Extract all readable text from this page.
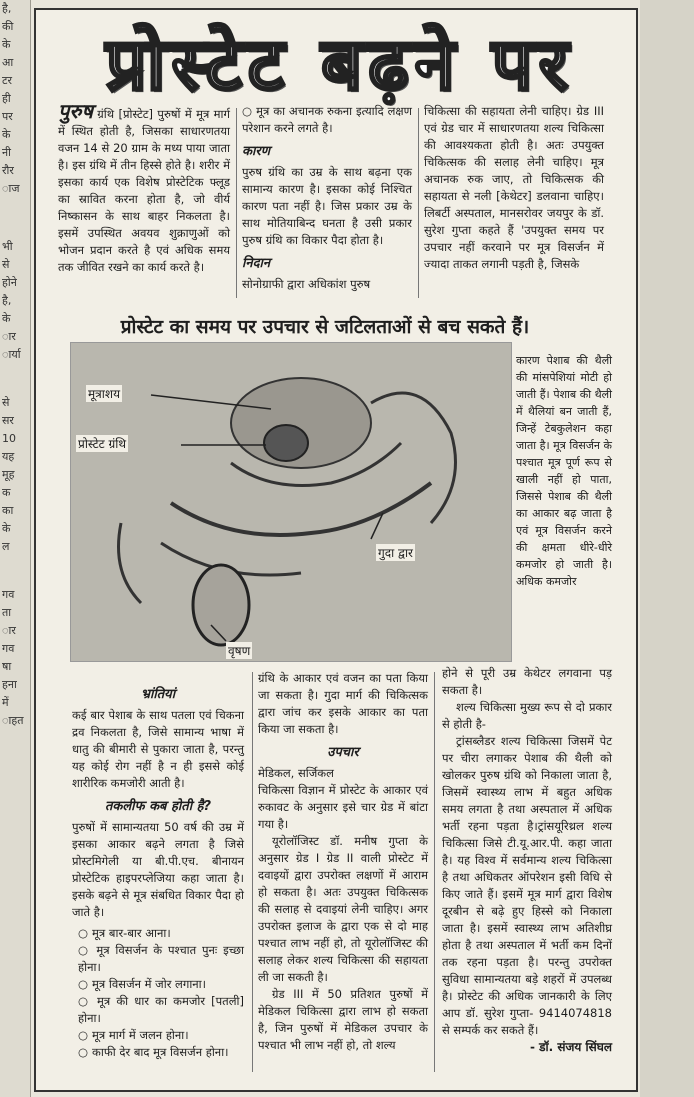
है,
की
के
आ
टर
ही
पर
के
नी
रौर
ाज
भी
से
होने
है,
के
ार
ार्या
से
सर
10
यह
मूह
क
का
के
ल
गव
ता
ार
गव
षा
हना
में
ाहत
प्रोस्टेट बढ़ने पर

पुरुष ग्रंथि [प्रोस्टेट] पुरुषों में मूत्र मार्ग में स्थित होती है, जिसका साधारणतया वजन 14 से 20 ग्राम के मध्य पाया जाता है। इस ग्रंथि में तीन हिस्से होते है। शरीर में इसका कार्य एक विशेष प्रोस्टेटिक फ्लूड का स्रावित करना होता है, जो वीर्य निष्कासन के साथ बाहर निकलता है। इसमें उपस्थित अवयव शुक्राणुओं को भोजन प्रदान करते है एवं अधिक समय तक जीवित रखने का कार्य करते है।

○ मूत्र का अचानक रुकना इत्यादि लक्षण परेशान करने लगते है।

कारण

पुरुष ग्रंथि का उम्र के साथ बढ़ना एक सामान्य कारण है। इसका कोई निश्चित कारण पता नहीं है। जिस प्रकार उम्र के साथ मोतियाबिन्द घनता है उसी प्रकार पुरुष ग्रंथि का विकार पैदा होता है।

निदान

सोनोग्राफी द्वारा अधिकांश पुरुष

चिकित्सा की सहायता लेनी चाहिए। ग्रेड III एवं ग्रेड चार में साधारणतया शल्य चिकित्सा की आवश्यकता होती है। अतः उपयुक्त चिकित्सक की सलाह लेनी चाहिए। मूत्र अचानक रुक जाए, तो चिकित्सक की सहायता से नली [केथेटर] डलवाना चाहिए। लिबर्टी अस्पताल, मानसरोवर जयपुर के डॉ. सुरेश गुप्ता कहते हैं 'उपयुक्त समय पर उपचार नहीं करवाने पर मूत्र विसर्जन में ज्यादा ताकत लगानी पड़ती है, जिसके

प्रोस्टेट का समय पर उपचार से जटिलताओं से बच सकते हैं।
मूत्राशय
प्रोस्टेट ग्रंथि
गुदा द्वार
वृषण

कारण पेशाब की थैली की मांसपेशियां मोटी हो जाती हैं। पेशाब की थैली में थैलियां बन जाती हैं, जिन्हें टेबकुलेशन कहा जाता है। मूत्र विसर्जन के पश्चात मूत्र पूर्ण रूप से खाली नहीं हो पाता, जिससे पेशाब की थैली का आकार बढ़ जाता है एवं मूत्र विसर्जन करने की क्षमता धीरे-धीरे कमजोर हो जाती है। अधिक कमजोर

भ्रांतियां

कई बार पेशाब के साथ पतला एवं चिकना द्रव निकलता है, जिसे सामान्य भाषा में धातु की बीमारी से पुकारा जाता है, परन्तु यह कोई रोग नहीं है न ही इससे कोई शारीरिक कमजोरी आती है।

तकलीफ कब होती है?

पुरुषों में सामान्यतया 50 वर्ष की उम्र में इसका आकार बढ़ने लगता है जिसे प्रोस्टमिगेली या बी.पी.एच. बीनायन प्रोस्टेटिक हाइपरप्लेजिया कहा जाता है। इसके बढ़ने से मूत्र संबधित विकार पैदा हो जाते है।

○ मूत्र बार-बार आना।
○ मूत्र विसर्जन के पश्चात पुनः इच्छा होना।
○ मूत्र विसर्जन में जोर लगाना।
○ मूत्र की धार का कमजोर [पतली] होना।
○ मूत्र मार्ग में जलन होना।
○ काफी देर बाद मूत्र विसर्जन होना।

ग्रंथि के आकार एवं वजन का पता किया जा सकता है। गुदा मार्ग की चिकित्सक द्वारा जांच कर इसके आकार का पता किया जा सकता है।

उपचार
मेडिकल, सर्जिकल

चिकित्सा विज्ञान में प्रोस्टेट के आकार एवं रुकावट के अनुसार इसे चार ग्रेड में बांटा गया है।

यूरोलॉजिस्ट डॉ. मनीष गुप्ता के अनुसार ग्रेड I ग्रेड II वाली प्रोस्टेट में दवाइयों द्वारा उपरोक्त लक्षणों में आराम हो सकता है। अतः उपयुक्त चिकित्सक की सलाह से दवाइयां लेनी चाहिए। अगर उपरोक्त इलाज के द्वारा एक से दो माह पश्चात लाभ नहीं हो, तो यूरोलॉजिस्ट की सलाह लेकर शल्य चिकित्सा की सहायता ली जा सकती है।

ग्रेड III में 50 प्रतिशत पुरुषों में मेडिकल चिकित्सा द्वारा लाभ हो सकता है, जिन पुरुषों में मेडिकल उपचार के पश्चात भी लाभ नहीं हो, तो शल्य

होने से पूरी उम्र केथेटर लगवाना पड़ सकता है।

शल्य चिकित्सा मुख्य रूप से दो प्रकार से होती है-

ट्रांसब्लैडर शल्य चिकित्सा जिसमें पेट पर चीरा लगाकर पेशाब की थैली को खोलकर पुरुष ग्रंथि को निकाला जाता है, जिसमें स्वास्थ्य लाभ में बहुत अधिक समय लगता है तथा अस्पताल में अधिक भर्ती रहना पड़ता है।ट्रांसयूरिथ्रल शल्य चिकित्सा जिसे टी.यू.आर.पी. कहा जाता है। यह विश्व में सर्वमान्य शल्य चिकित्सा है तथा अधिकतर ऑपरेशन इसी विधि से किए जाते हैं। इसमें मूत्र मार्ग द्वारा विशेष दूरबीन से बढ़े हुए हिस्से को निकाला जाता है। इसमें स्वास्थ्य लाभ अतिशीघ्र होता है तथा अस्पताल में भर्ती कम दिनों तक रहना पड़ता है। परन्तु उपरोक्त सुविधा सामान्यतया बड़े शहरों में उपलब्ध है। प्रोस्टेट की अधिक जानकारी के लिए आप डॉ. सुरेश गुप्ता- 9414074818 से सम्पर्क कर सकते हैं।

- डॉ. संजय सिंघल
